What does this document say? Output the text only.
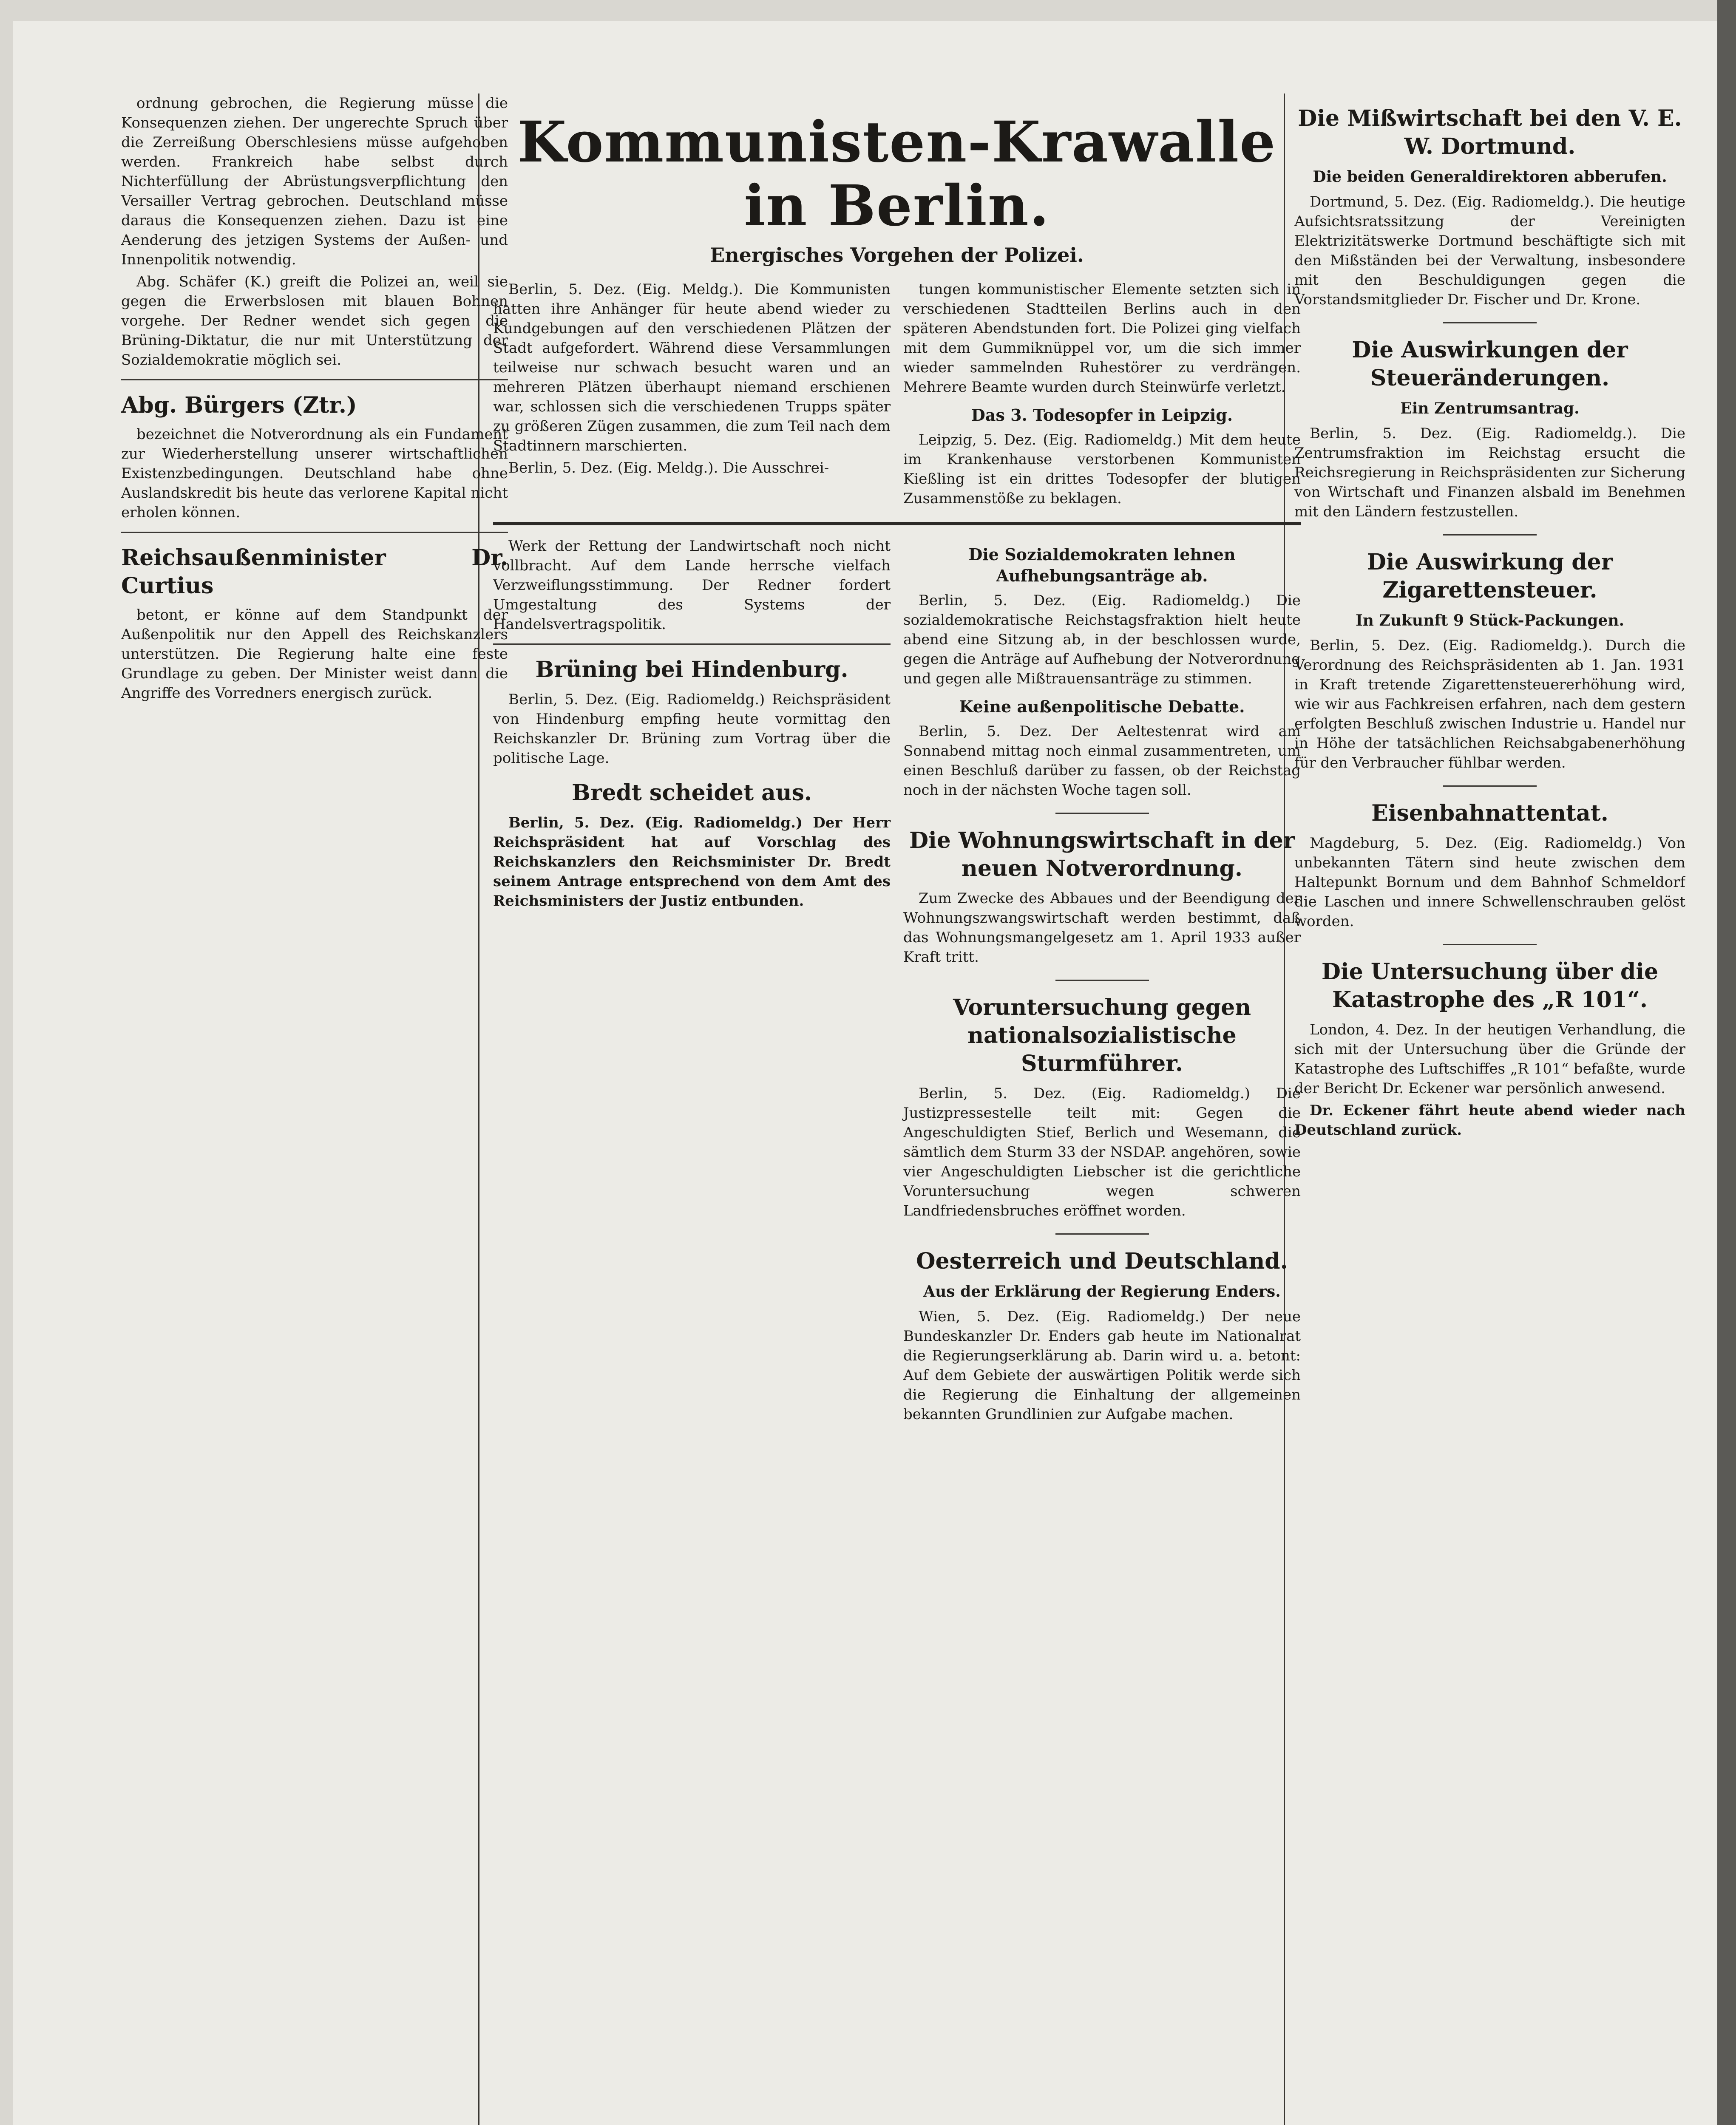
ordnung gebrochen, die Regierung müsse die Konsequenzen ziehen. Der ungerechte Spruch über die Zerreißung Oberschlesiens müsse aufgehoben werden. Frankreich habe selbst durch Nichterfüllung der Abrüstungsverpflichtung den Versailler Vertrag gebrochen. Deutschland müsse daraus die Konsequenzen ziehen. Dazu ist eine Aenderung des jetzigen Systems der Außen- und Innenpolitik notwendig.
Abg. Schäfer (K.) greift die Polizei an, weil sie gegen die Erwerbslosen mit blauen Bohnen vorgehe. Der Redner wendet sich gegen die Brüning-Diktatur, die nur mit Unterstützung der Sozialdemokratie möglich sei.
Abg. Bürgers (Ztr.)
bezeichnet die Notverordnung als ein Fundament zur Wiederherstellung unserer wirtschaftlichen Existenzbedingungen. Deutschland habe ohne Auslandskredit bis heute das verlorene Kapital nicht erholen können.
Reichsaußenminister Dr. Curtius
betont, er könne auf dem Standpunkt der Außenpolitik nur den Appell des Reichskanzlers unterstützen. Die Regierung halte eine feste Grundlage zu geben. Der Minister weist dann die Angriffe des Vorredners energisch zurück.
Kommunisten-Krawalle in Berlin.
Energisches Vorgehen der Polizei.
Berlin, 5. Dez. (Eig. Meldg.). Die Kommunisten hatten ihre Anhänger für heute abend wieder zu Kundgebungen auf den verschiedenen Plätzen der Stadt aufgefordert. Während diese Versammlungen teilweise nur schwach besucht waren und an mehreren Plätzen überhaupt niemand erschienen war, schlossen sich die verschiedenen Trupps später zu größeren Zügen zusammen, die zum Teil nach dem Stadtinnern marschierten.
Berlin, 5. Dez. (Eig. Meldg.). Die Ausschrei-
tungen kommunistischer Elemente setzten sich in verschiedenen Stadtteilen Berlins auch in den späteren Abendstunden fort. Die Polizei ging vielfach mit dem Gummiknüppel vor, um die sich immer wieder sammelnden Ruhestörer zu verdrängen. Mehrere Beamte wurden durch Steinwürfe verletzt.
Das 3. Todesopfer in Leipzig.
Leipzig, 5. Dez. (Eig. Radiomeldg.) Mit dem heute im Krankenhause verstorbenen Kommunisten Kießling ist ein drittes Todesopfer der blutigen Zusammenstöße zu beklagen.
Werk der Rettung der Landwirtschaft noch nicht vollbracht. Auf dem Lande herrsche vielfach Verzweiflungsstimmung. Der Redner fordert Umgestaltung des Systems der Handelsvertragspolitik.
Brüning bei Hindenburg.
Berlin, 5. Dez. (Eig. Radiomeldg.) Reichspräsident von Hindenburg empfing heute vormittag den Reichskanzler Dr. Brüning zum Vortrag über die politische Lage.
Bredt scheidet aus.
Berlin, 5. Dez. (Eig. Radiomeldg.) Der Herr Reichspräsident hat auf Vorschlag des Reichskanzlers den Reichsminister Dr. Bredt seinem Antrage entsprechend von dem Amt des Reichsministers der Justiz entbunden.
Die Sozialdemokraten lehnen Aufhebungsanträge ab.
Berlin, 5. Dez. (Eig. Radiomeldg.) Die sozialdemokratische Reichstagsfraktion hielt heute abend eine Sitzung ab, in der beschlossen wurde, gegen die Anträge auf Aufhebung der Notverordnung und gegen alle Mißtrauensanträge zu stimmen.
Keine außenpolitische Debatte.
Berlin, 5. Dez. Der Aeltestenrat wird am Sonnabend mittag noch einmal zusammentreten, um einen Beschluß darüber zu fassen, ob der Reichstag noch in der nächsten Woche tagen soll.
Die Wohnungswirtschaft in der neuen Notverordnung.
Zum Zwecke des Abbaues und der Beendigung der Wohnungszwangswirtschaft werden bestimmt, daß das Wohnungsmangelgesetz am 1. April 1933 außer Kraft tritt.
Voruntersuchung gegen nationalsozialistische Sturmführer.
Berlin, 5. Dez. (Eig. Radiomeldg.) Die Justizpressestelle teilt mit: Gegen die Angeschuldigten Stief, Berlich und Wesemann, die sämtlich dem Sturm 33 der NSDAP. angehören, sowie vier Angeschuldigten Liebscher ist die gerichtliche Voruntersuchung wegen schweren Landfriedensbruches eröffnet worden.
Oesterreich und Deutschland.
Aus der Erklärung der Regierung Enders.
Wien, 5. Dez. (Eig. Radiomeldg.) Der neue Bundeskanzler Dr. Enders gab heute im Nationalrat die Regierungserklärung ab. Darin wird u. a. betont: Auf dem Gebiete der auswärtigen Politik werde sich die Regierung die Einhaltung der allgemeinen bekannten Grundlinien zur Aufgabe machen.
Die Mißwirtschaft bei den V. E. W. Dortmund.
Die beiden Generaldirektoren abberufen.
Dortmund, 5. Dez. (Eig. Radiomeldg.). Die heutige Aufsichtsratssitzung der Vereinigten Elektrizitätswerke Dortmund beschäftigte sich mit den Mißständen bei der Verwaltung, insbesondere mit den Beschuldigungen gegen die Vorstandsmitglieder Dr. Fischer und Dr. Krone.
Die Auswirkungen der Steueränderungen.
Ein Zentrumsantrag.
Berlin, 5. Dez. (Eig. Radiomeldg.). Die Zentrumsfraktion im Reichstag ersucht die Reichsregierung in Reichspräsidenten zur Sicherung von Wirtschaft und Finanzen alsbald im Benehmen mit den Ländern festzustellen.
Die Auswirkung der Zigarettensteuer.
In Zukunft 9 Stück-Packungen.
Berlin, 5. Dez. (Eig. Radiomeldg.). Durch die Verordnung des Reichspräsidenten ab 1. Jan. 1931 in Kraft tretende Zigarettensteuererhöhung wird, wie wir aus Fachkreisen erfahren, nach dem gestern erfolgten Beschluß zwischen Industrie u. Handel nur in Höhe der tatsächlichen Reichsabgabenerhöhung für den Verbraucher fühlbar werden.
Eisenbahnattentat.
Magdeburg, 5. Dez. (Eig. Radiomeldg.) Von unbekannten Tätern sind heute zwischen dem Haltepunkt Bornum und dem Bahnhof Schmeldorf die Laschen und innere Schwellenschrauben gelöst worden.
Die Untersuchung über die Katastrophe des „R 101“.
London, 4. Dez. In der heutigen Verhandlung, die sich mit der Untersuchung über die Gründe der Katastrophe des Luftschiffes „R 101“ befaßte, wurde der Bericht Dr. Eckener war persönlich anwesend.
Dr. Eckener fährt heute abend wieder nach Deutschland zurück.
